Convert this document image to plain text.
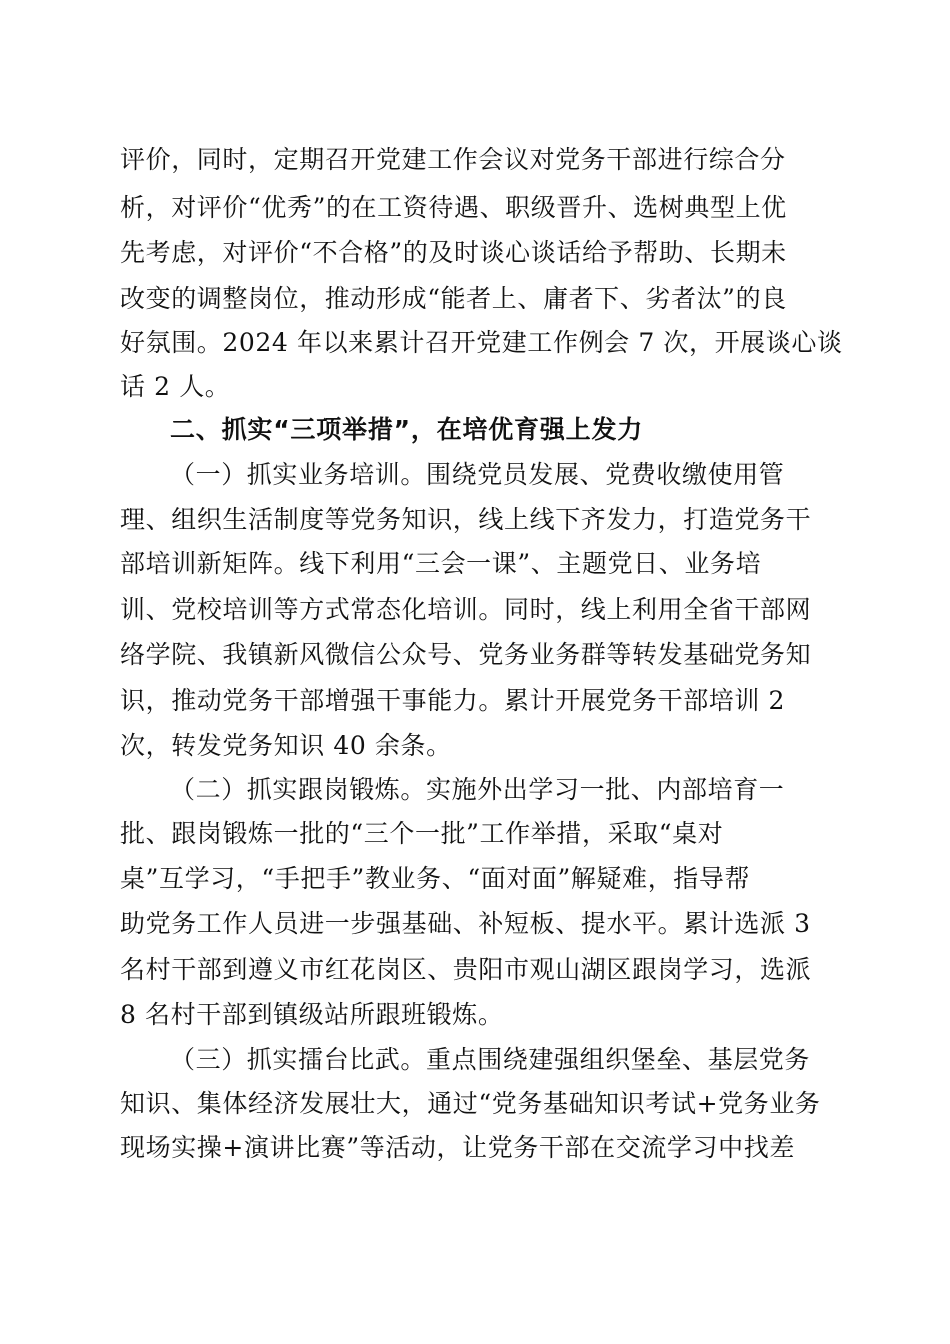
评价，同时，定期召开党建工作会议对党务干部进行综合分
析，对评价“优秀”的在工资待遇、职级晋升、选树典型上优
先考虑，对评价“不合格”的及时谈心谈话给予帮助、长期未
改变的调整岗位，推动形成“能者上、庸者下、劣者汰”的良
好氛围。2024 年以来累计召开党建工作例会 7 次，开展谈心谈
话 2 人。
二、抓实“三项举措”，在培优育强上发力
（一）抓实业务培训。围绕党员发展、党费收缴使用管
理、组织生活制度等党务知识，线上线下齐发力，打造党务干
部培训新矩阵。线下利用“三会一课”、主题党日、业务培
训、党校培训等方式常态化培训。同时，线上利用全省干部网
络学院、我镇新风微信公众号、党务业务群等转发基础党务知
识，推动党务干部增强干事能力。累计开展党务干部培训 2
次，转发党务知识 40 余条。
（二）抓实跟岗锻炼。实施外出学习一批、内部培育一
批、跟岗锻炼一批的“三个一批”工作举措，采取“桌对
桌”互学习，“手把手”教业务、“面对面”解疑难，指导帮
助党务工作人员进一步强基础、补短板、提水平。累计选派 3
名村干部到遵义市红花岗区、贵阳市观山湖区跟岗学习，选派
8 名村干部到镇级站所跟班锻炼。
（三）抓实擂台比武。重点围绕建强组织堡垒、基层党务
知识、集体经济发展壮大，通过“党务基础知识考试+党务业务
现场实操+演讲比赛”等活动，让党务干部在交流学习中找差
